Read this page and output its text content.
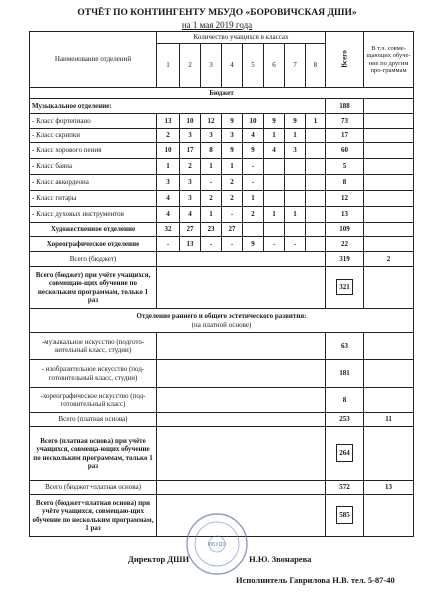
ОТЧЁТ ПО КОНТИНГЕНТУ МБУДО «БОРОВИЧСКАЯ ДШИ»
на 1 мая 2019 года
Наименование отделений	Количество учащихся в классах								Всего	В т.ч. совме-щающих обуче-ние по другим про-граммам
	1	2	3	4	5	6	7	8		
Бюджет										
Музыкальное отделение:									188	
- Класс фортепиано	13	10	12	9	10	9	9	1	73	
- Класс скрипки	2	3	3	3	4	1	1		17	
- Класс хорового пения	10	17	8	9	9	4	3		60	
- Класс баяна	1	2	1	1	-				5	
- Класс аккордеона	3	3	-	2	-				8	
- Класс гитары	4	3	2	2	1				12	
- Класс духовых инструментов	4	4	1	-	2	1	1		13	
Художественное отделение	32	27	23	27					109	
Хореографическое отделение	-	13	-	-	9	-	-		22	
Всего (бюджет)									319	2
Всего (бюджет) при учёте учащихся, совмещаю-щих обучение по нескольким программам, только 1 раз									321	

Отделение раннего и общего эстетического развития:
(на платной основе)										

-музыкальное искусство (подгото-вительный класс, студии)									63	
- изобразительное искусство (под-готовительный класс, студии)									181	
-хореографическое искусство (под-готовительный класс)									8	
Всего (платная основа)									253	11
Всего (платная основа) при учёте учащихся, совмеща-ющих обучение по нескольким программам, только 1 раз									264	
Всего (бюджет+платная основа)									572	13
Всего (бюджет+платная основа) при учёте учащихся, совмещаю-щих обучение по нескольким программам, 1 раз									585	
МБУДО
Директор ДШИ	Н.Ю. Звонарева
Исполнитель Гаврилова Н.В. тел. 5-87-40
